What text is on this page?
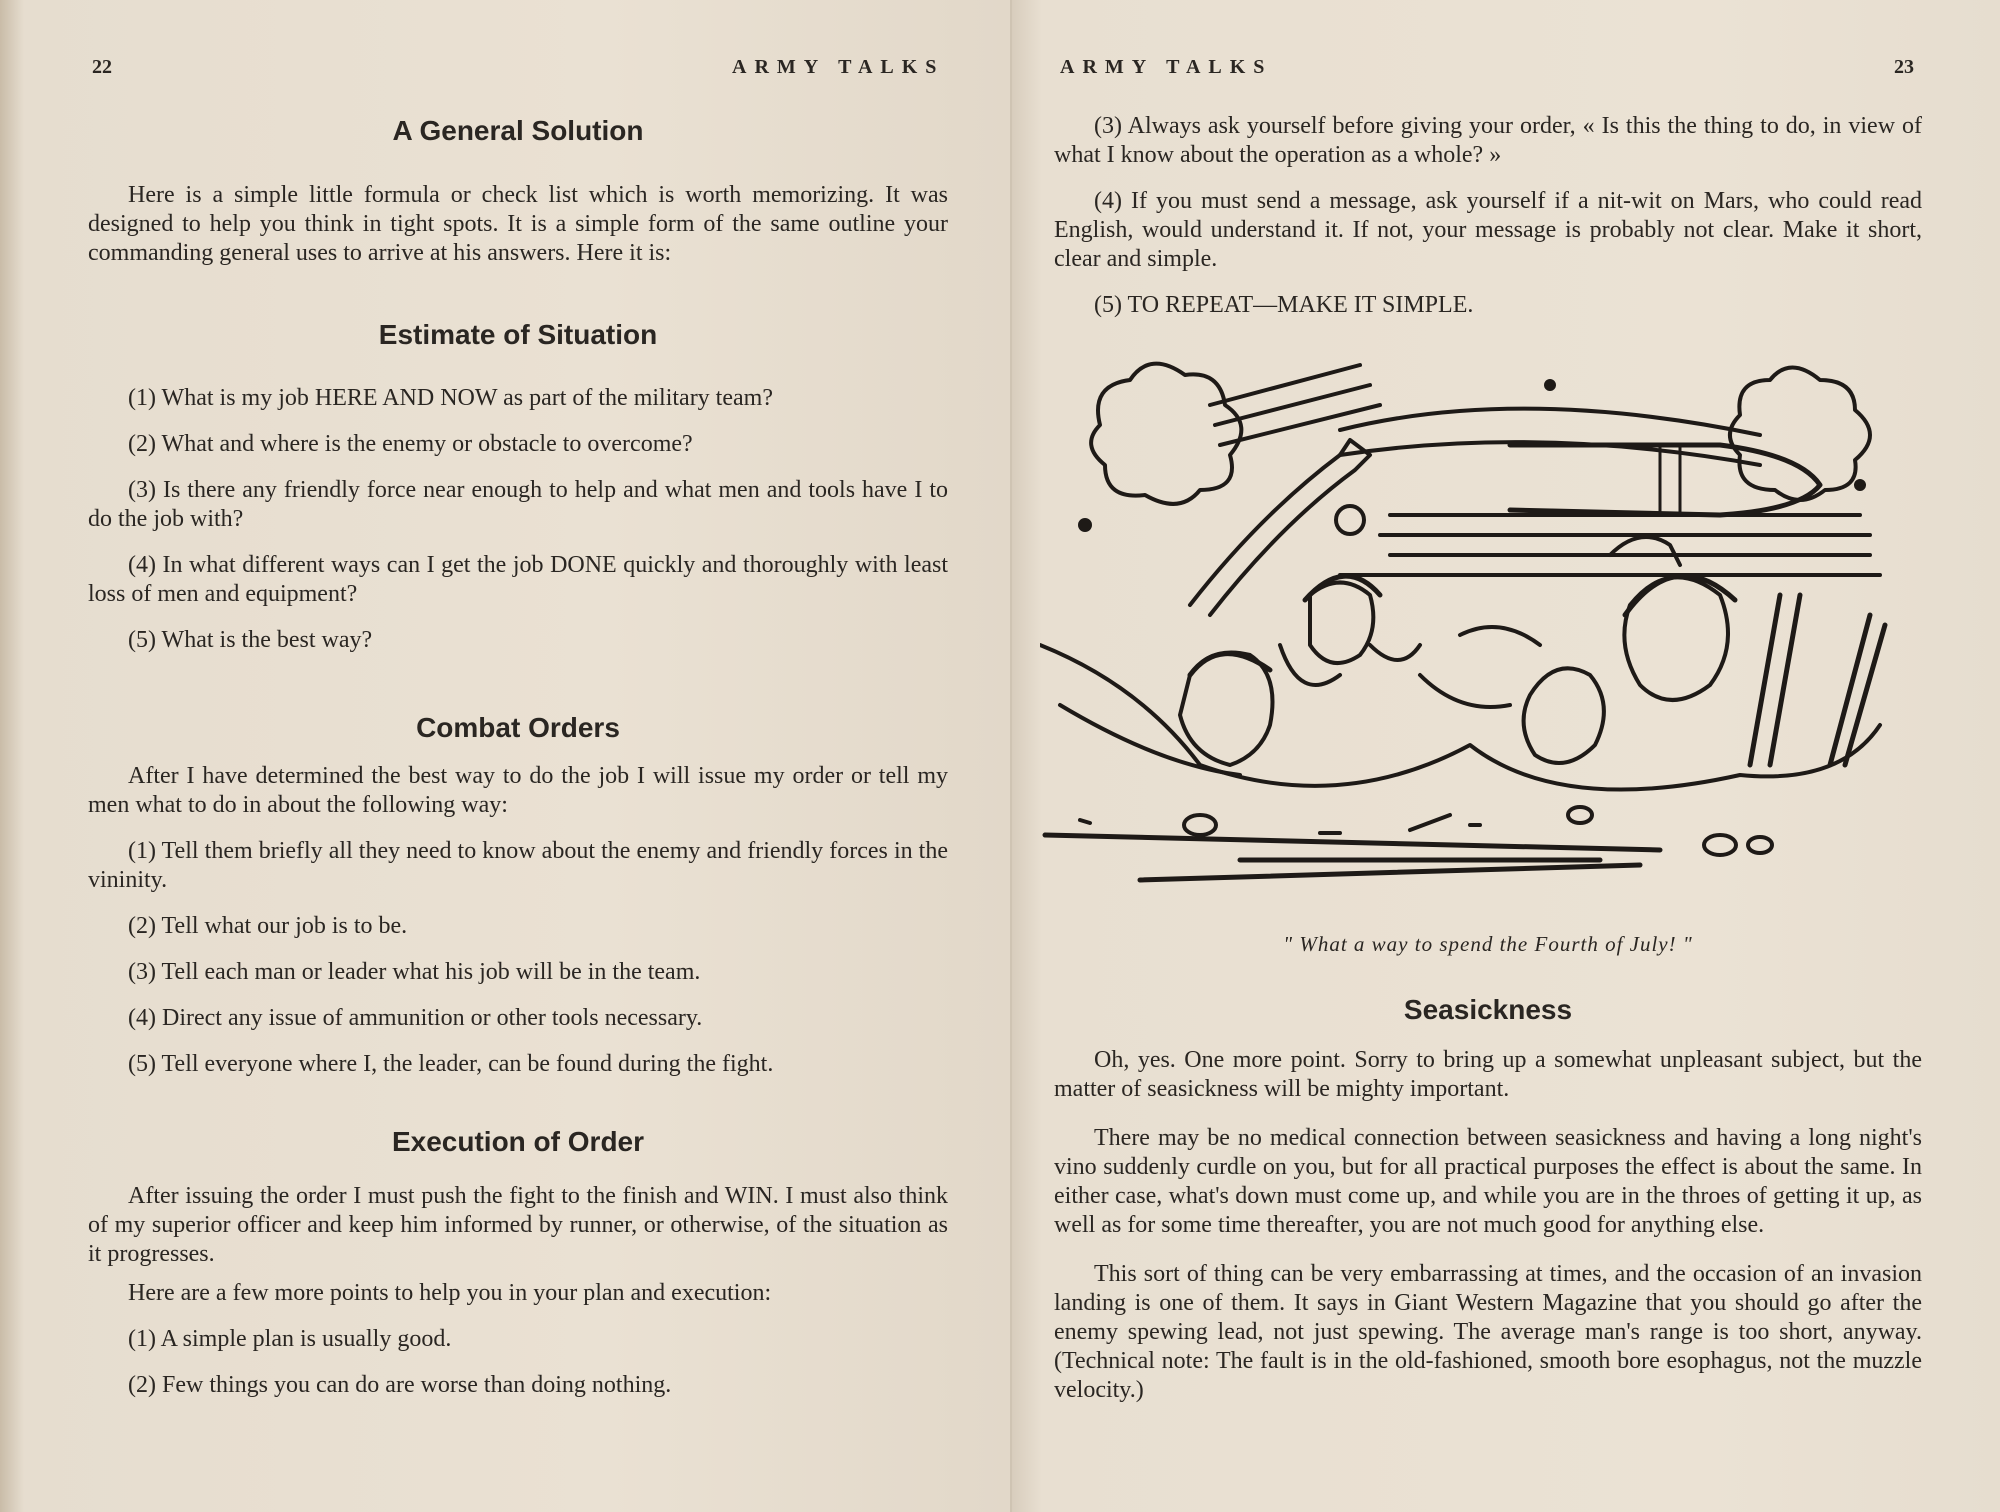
22	ARMY TALKS
A General Solution

Here is a simple little formula or check list which is worth memorizing. It was designed to help you think in tight spots. It is a simple form of the same outline your commanding general uses to arrive at his answers. Here it is:

Estimate of Situation

(1) What is my job HERE AND NOW as part of the military team?

(2) What and where is the enemy or obstacle to overcome?

(3) Is there any friendly force near enough to help and what men and tools have I to do the job with?

(4) In what different ways can I get the job DONE quickly and thoroughly with least loss of men and equipment?

(5) What is the best way?

Combat Orders

After I have determined the best way to do the job I will issue my order or tell my men what to do in about the following way:

(1) Tell them briefly all they need to know about the enemy and friendly forces in the vininity.

(2) Tell what our job is to be.

(3) Tell each man or leader what his job will be in the team.

(4) Direct any issue of ammunition or other tools necessary.

(5) Tell everyone where I, the leader, can be found during the fight.

Execution of Order

After issuing the order I must push the fight to the finish and WIN. I must also think of my superior officer and keep him informed by runner, or otherwise, of the situation as it progresses.

Here are a few more points to help you in your plan and execution:

(1) A simple plan is usually good.

(2) Few things you can do are worse than doing nothing.

ARMY TALKS	23

(3) Always ask yourself before giving your order, « Is this the thing to do, in view of what I know about the operation as a whole? »

(4) If you must send a message, ask yourself if a nit-wit on Mars, who could read English, would understand it. If not, your message is probably not clear. Make it short, clear and simple.

(5) TO REPEAT—MAKE IT SIMPLE.

" What a way to spend the Fourth of July! "
Seasickness

Oh, yes. One more point. Sorry to bring up a somewhat unpleasant subject, but the matter of seasickness will be mighty important.

There may be no medical connection between seasickness and having a long night's vino suddenly curdle on you, but for all practical purposes the effect is about the same. In either case, what's down must come up, and while you are in the throes of getting it up, as well as for some time thereafter, you are not much good for anything else.

This sort of thing can be very embarrassing at times, and the occasion of an invasion landing is one of them. It says in Giant Western Magazine that you should go after the enemy spewing lead, not just spewing. The average man's range is too short, anyway. (Technical note: The fault is in the old-fashioned, smooth bore esophagus, not the muzzle velocity.)
